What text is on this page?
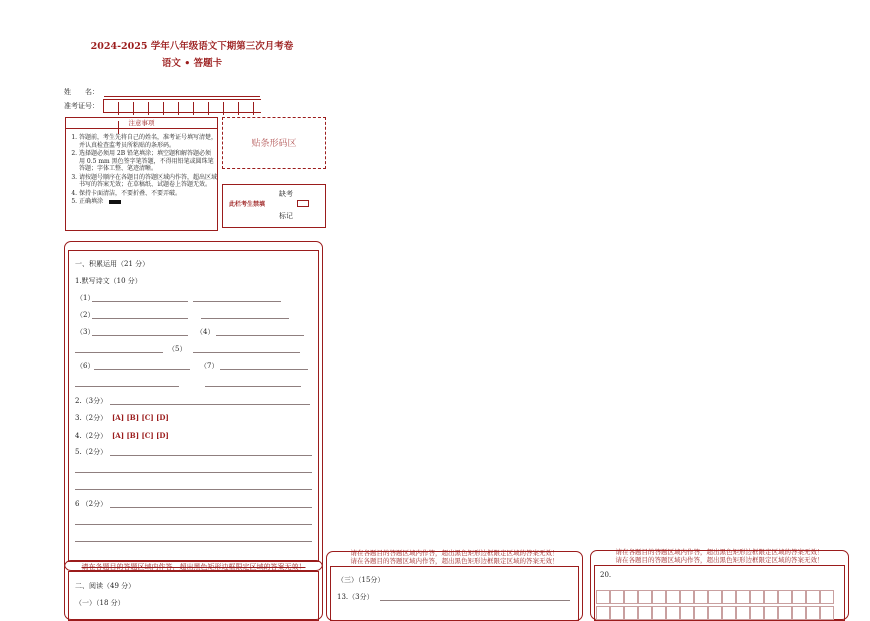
2024-2025 学年八年级语文下期第三次月考卷
语文 • 答题卡
姓　　名：
准考证号：
注意事项
1. 答题前，考生先将自己的姓名，准考证号填写清楚，并认真检查监考员所粘贴的条形码。
2. 选择题必须用 2B 铅笔填涂；填空题和解答题必须用 0.5 mm 黑色签字笔答题，不得用铅笔或圆珠笔答题；字体工整、笔迹清晰。
3. 请按题号顺序在各题目的答题区域内作答，超出区域书写的答案无效；在草稿纸、试题卷上答题无效。
4. 保持卡面清洁，不要折叠、不要弄破。
5. 正确填涂
贴条形码区
缺考
此栏考生禁填
标记
一、积累运用（21 分）
1.默写诗文（10 分）
（1）
（2）
（3）	（4）
（5）
（6）	（7）
2.（3分）
3.（2分） [A] [B] [C] [D]
4.（2分） [A] [B] [C] [D]
5.（2分）
6 （2分）
请在各题目的答题区域内作答，超出黑色矩形边框限定区域的答案无效！
二、阅读（49 分）
（一）（18 分）
请在各题目的答题区域内作答，超出黑色矩形边框限定区域的答案无效！
请在各题目的答题区域内作答，超出黑色矩形边框限定区域的答案无效！
（三）（15分）
13.（3分）
请在各题目的答题区域内作答，超出黑色矩形边框限定区域的答案无效！
请在各题目的答题区域内作答，超出黑色矩形边框限定区域的答案无效！
20.
